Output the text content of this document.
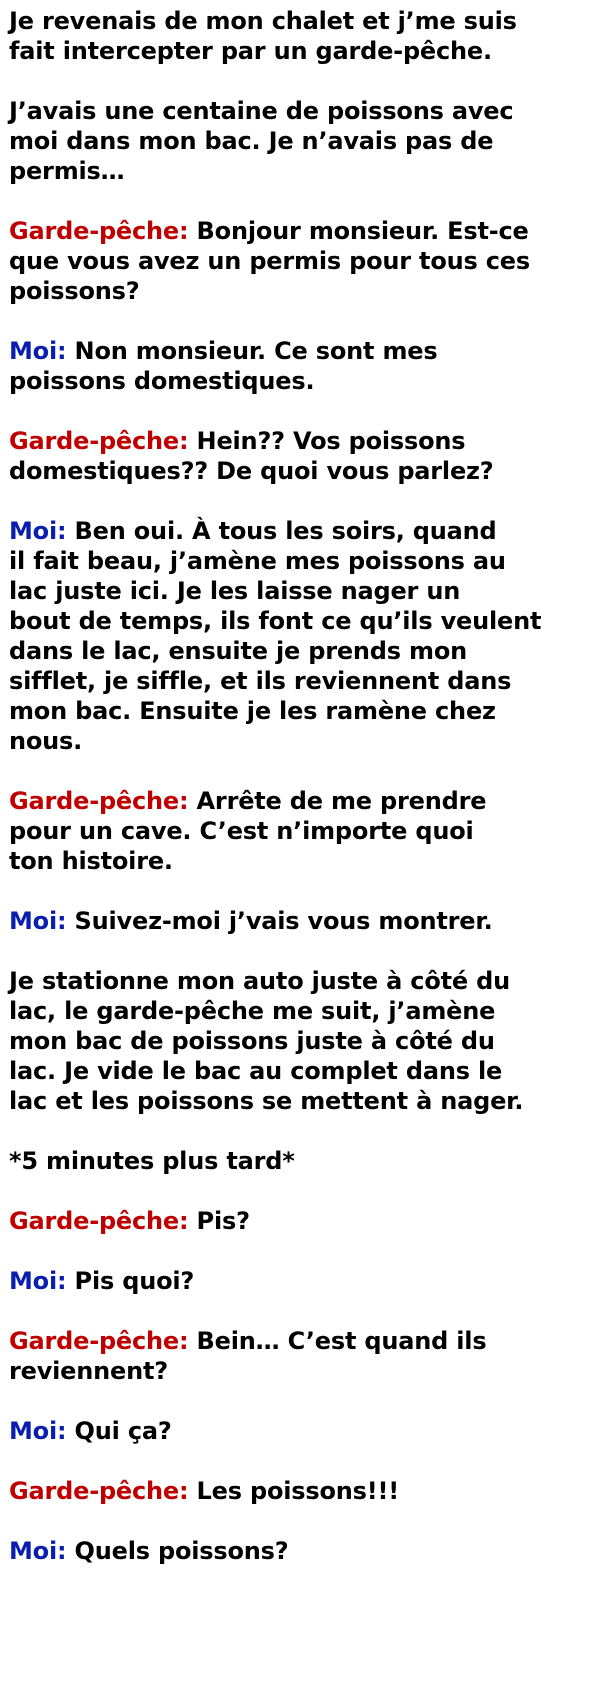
Je revenais de mon chalet et j’me suis
fait intercepter par un garde-pêche.

J’avais une centaine de poissons avec
moi dans mon bac. Je n’avais pas de
permis…

Garde-pêche: Bonjour monsieur. Est-ce
que vous avez un permis pour tous ces
poissons?

Moi: Non monsieur. Ce sont mes
poissons domestiques.

Garde-pêche: Hein?? Vos poissons
domestiques?? De quoi vous parlez?

Moi: Ben oui. À tous les soirs, quand
il fait beau, j’amène mes poissons au
lac juste ici. Je les laisse nager un
bout de temps, ils font ce qu’ils veulent
dans le lac, ensuite je prends mon
sifflet, je siffle, et ils reviennent dans
mon bac. Ensuite je les ramène chez
nous.

Garde-pêche: Arrête de me prendre
pour un cave. C’est n’importe quoi
ton histoire.

Moi: Suivez-moi j’vais vous montrer.

Je stationne mon auto juste à côté du
lac, le garde-pêche me suit, j’amène
mon bac de poissons juste à côté du
lac. Je vide le bac au complet dans le
lac et les poissons se mettent à nager.

*5 minutes plus tard*

Garde-pêche: Pis?

Moi: Pis quoi?

Garde-pêche: Bein… C’est quand ils
reviennent?

Moi: Qui ça?

Garde-pêche: Les poissons!!!

Moi: Quels poissons?
